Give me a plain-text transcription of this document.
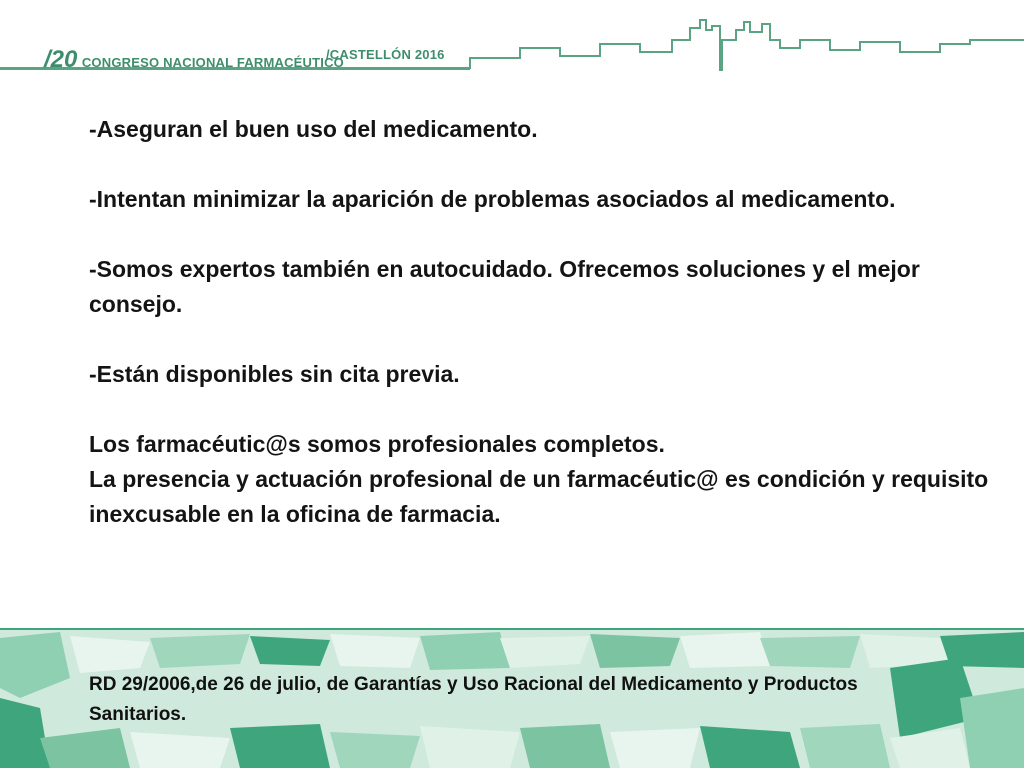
/20 CONGRESO NACIONAL FARMACÉUTICO
/CASTELLÓN 2016

-Aseguran el buen uso del medicamento.

-Intentan minimizar la aparición de problemas asociados al medicamento.

-Somos expertos también en autocuidado. Ofrecemos soluciones y el mejor consejo.

-Están disponibles sin cita previa.

Los farmacéutic@s somos profesionales completos.

La presencia y actuación profesional de un farmacéutic@ es condición y requisito inexcusable en la oficina de farmacia.

RD 29/2006,de 26 de julio, de Garantías y Uso Racional del Medicamento y Productos Sanitarios.
